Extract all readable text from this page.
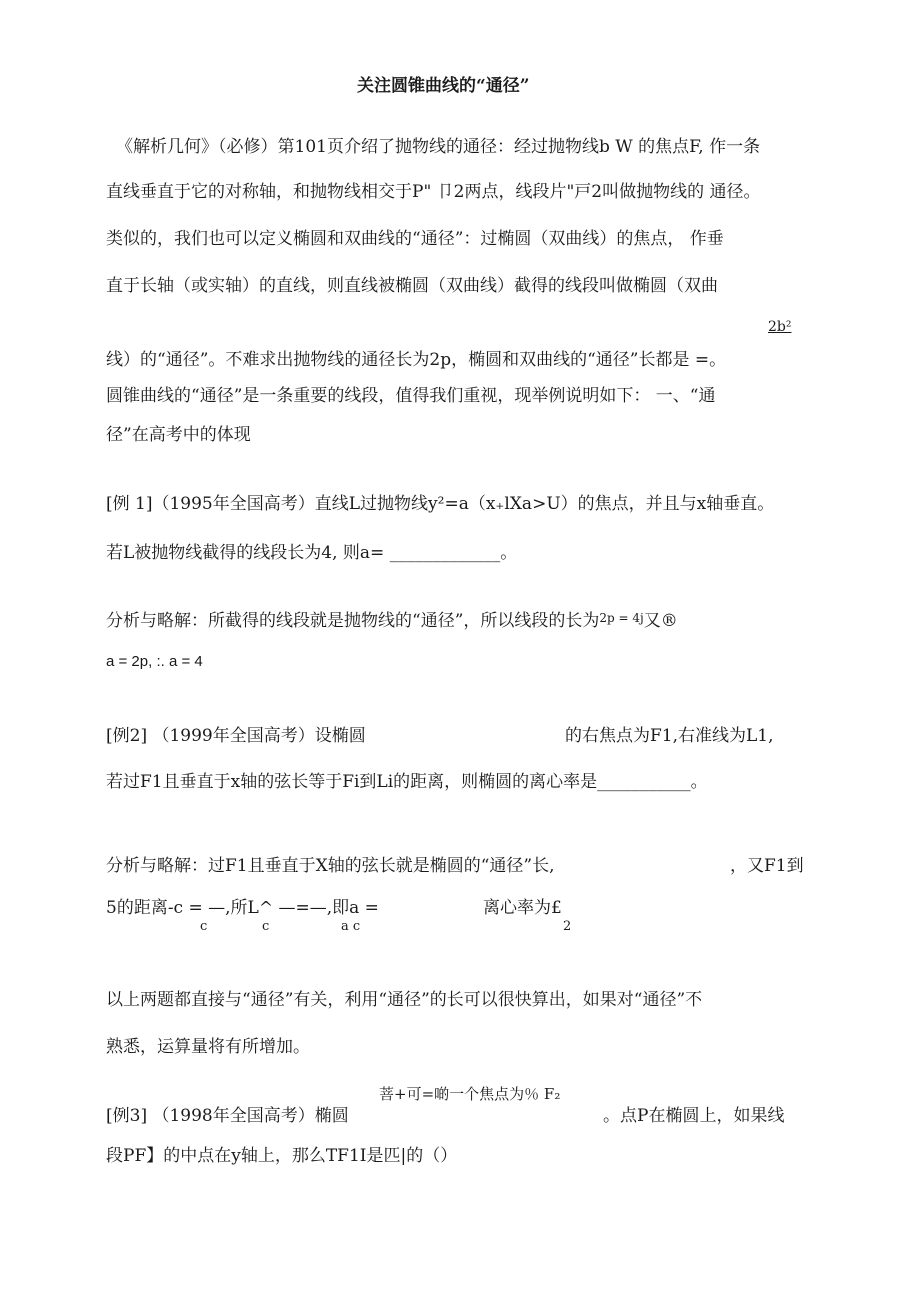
关注圆锥曲线的“通径”
《解析几何》（必修）第101页介绍了抛物线的通径：经过抛物线b W 的焦点F, 作一条
直线垂直于它的对称轴，和抛物线相交于P" 卩2两点，线段片"戸2叫做抛物线的 通径。
类似的，我们也可以定义椭圆和双曲线的“通径”：过椭圆（双曲线）的焦点， 作垂
直于长轴（或实轴）的直线，则直线被椭圆（双曲线）截得的线段叫做椭圆（双曲
2b²
线）的“通径”。不难求出抛物线的通径长为2p，椭圆和双曲线的“通径”长都是 =。
圆锥曲线的“通径”是一条重要的线段，值得我们重视，现举例说明如下： 一、“通
径”在高考中的体现
[例 1]（1995年全国高考）直线L过抛物线y²=a（x₊lXa>U）的焦点，并且与x轴垂直。
若L被抛物线截得的线段长为4, 则a= _____________。
分析与略解：所截得的线段就是抛物线的“通径”，所以线段的长为$^{2p = 4j}$又®
a = 2p, :. a = 4
[例2] （1999年全国高考）设椭圆	的右焦点为F1,右准线为L1,
若过F1且垂直于x轴的弦长等于Fi到Li的距离，则椭圆的离心率是___________。
分析与略解：过F1且垂直于X轴的弦长就是椭圆的“通径”长,	，又F1到
5的距离-c = —,所L^ —=—,即a =	离心率为£
c	c	a c	2
以上两题都直接与“通径”有关，利用“通径”的长可以很快算出，如果对“通径”不
熟悉，运算量将有所增加。
菩+可=啲一个焦点为％ F₂
[例3] （1998年全国高考）椭圆	。点P在椭圆上，如果线
段PF】的中点在y轴上，那么TF1I是匹|的（）
